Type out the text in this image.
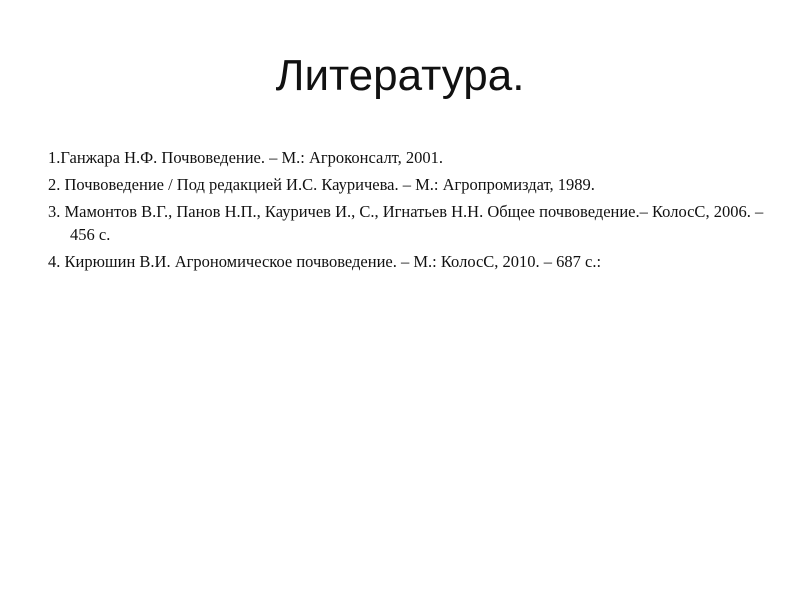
Литература.
1.Ганжара Н.Ф. Почвоведение. – М.: Агроконсалт, 2001.
2. Почвоведение / Под редакцией И.С. Кауричева. – М.: Агропромиздат, 1989.
3. Мамонтов В.Г., Панов Н.П., Кауричев И., С., Игнатьев Н.Н. Общее почвоведение.– КолосС, 2006. – 456 с.
4. Кирюшин В.И. Агрономическое почвоведение. – М.: КолосС, 2010. – 687 с.:
